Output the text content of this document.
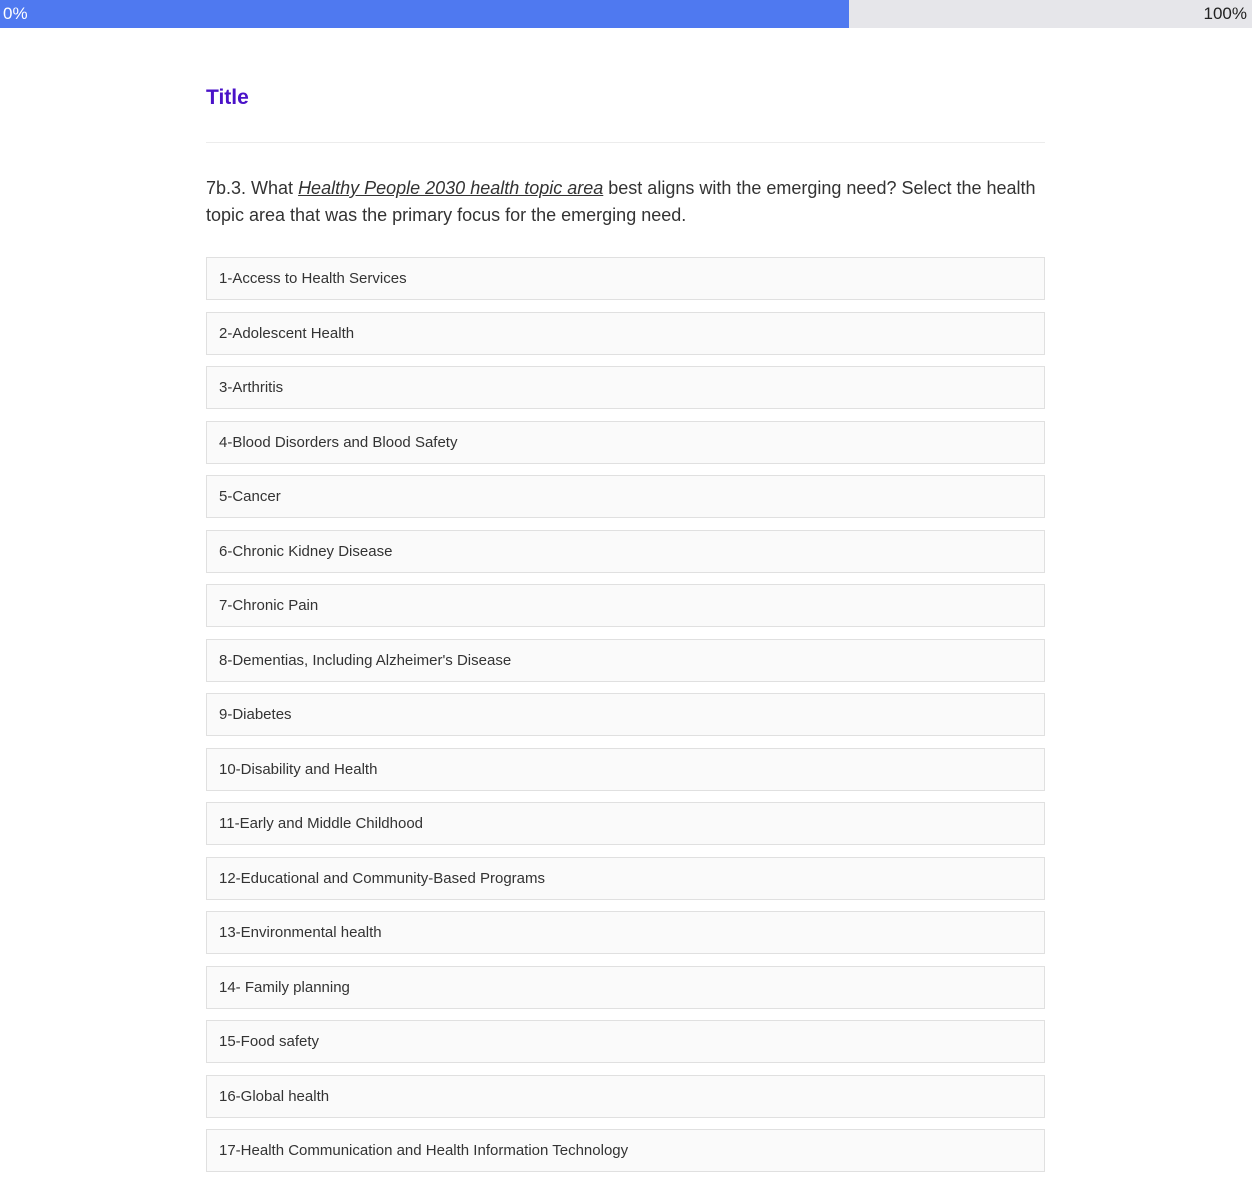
0%	100%
Title
7b.3. What Healthy People 2030 health topic area best aligns with the emerging need? Select the health topic area that was the primary focus for the emerging need.
1-Access to Health Services
2-Adolescent Health
3-Arthritis
4-Blood Disorders and Blood Safety
5-Cancer
6-Chronic Kidney Disease
7-Chronic Pain
8-Dementias, Including Alzheimer's Disease
9-Diabetes
10-Disability and Health
11-Early and Middle Childhood
12-Educational and Community-Based Programs
13-Environmental health
14- Family planning
15-Food safety
16-Global health
17-Health Communication and Health Information Technology
